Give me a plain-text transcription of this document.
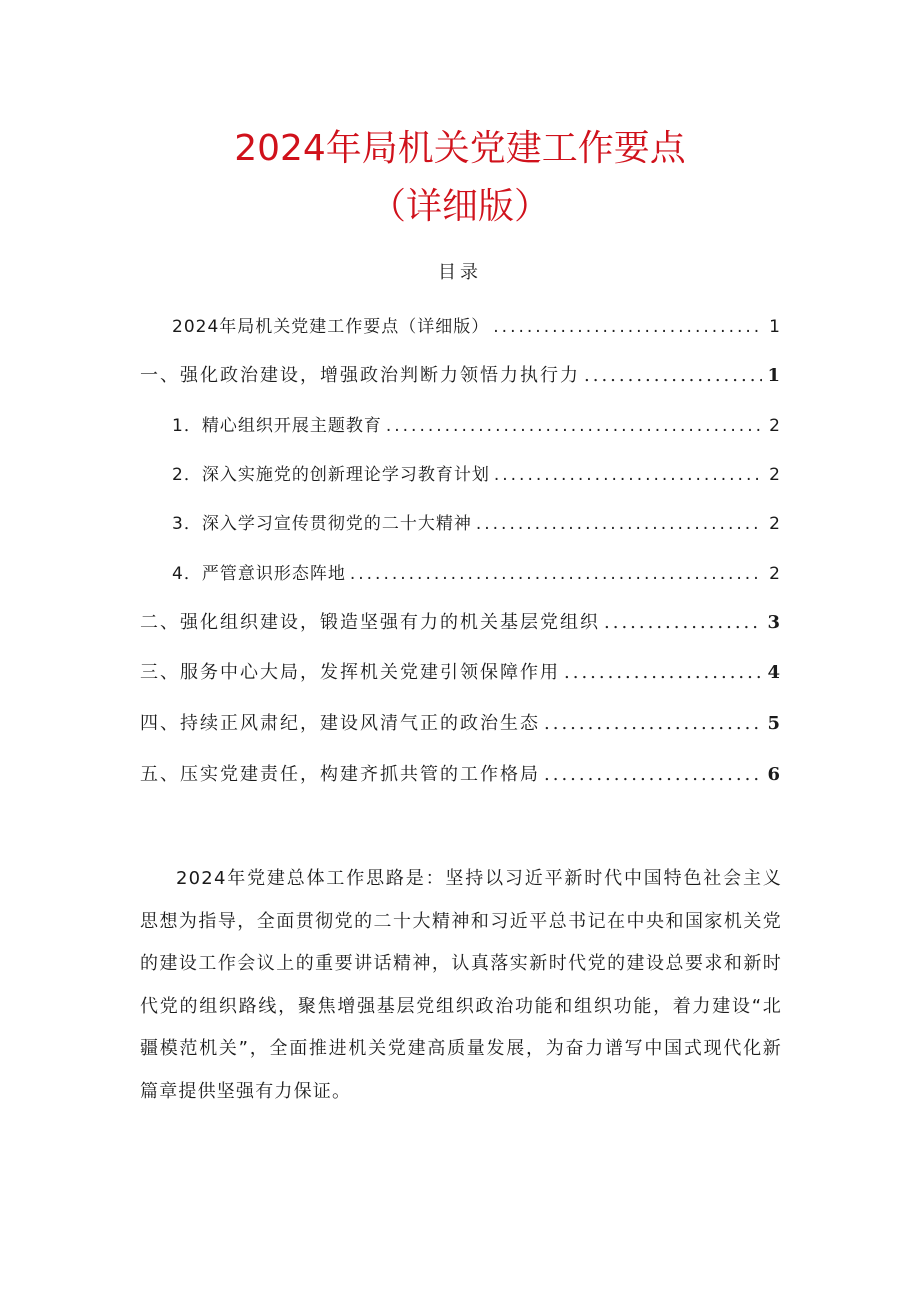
2024年局机关党建工作要点
（详细版）
目录
2024年局机关党建工作要点（详细版） .....	1
一、强化政治建设，增强政治判断力领悟力执行力 .....	1
1．精心组织开展主题教育 .....	2
2．深入实施党的创新理论学习教育计划 .....	2
3．深入学习宣传贯彻党的二十大精神 .....	2
4．严管意识形态阵地 .....	2
二、强化组织建设，锻造坚强有力的机关基层党组织 .....	3
三、服务中心大局，发挥机关党建引领保障作用 .....	4
四、持续正风肃纪，建设风清气正的政治生态 .....	5
五、压实党建责任，构建齐抓共管的工作格局 .....	6

2024年党建总体工作思路是：坚持以习近平新时代中国特色社会主义思想为指导，全面贯彻党的二十大精神和习近平总书记在中央和国家机关党的建设工作会议上的重要讲话精神，认真落实新时代党的建设总要求和新时代党的组织路线，聚焦增强基层党组织政治功能和组织功能，着力建设“北疆模范机关”，全面推进机关党建高质量发展，为奋力谱写中国式现代化新篇章提供坚强有力保证。
